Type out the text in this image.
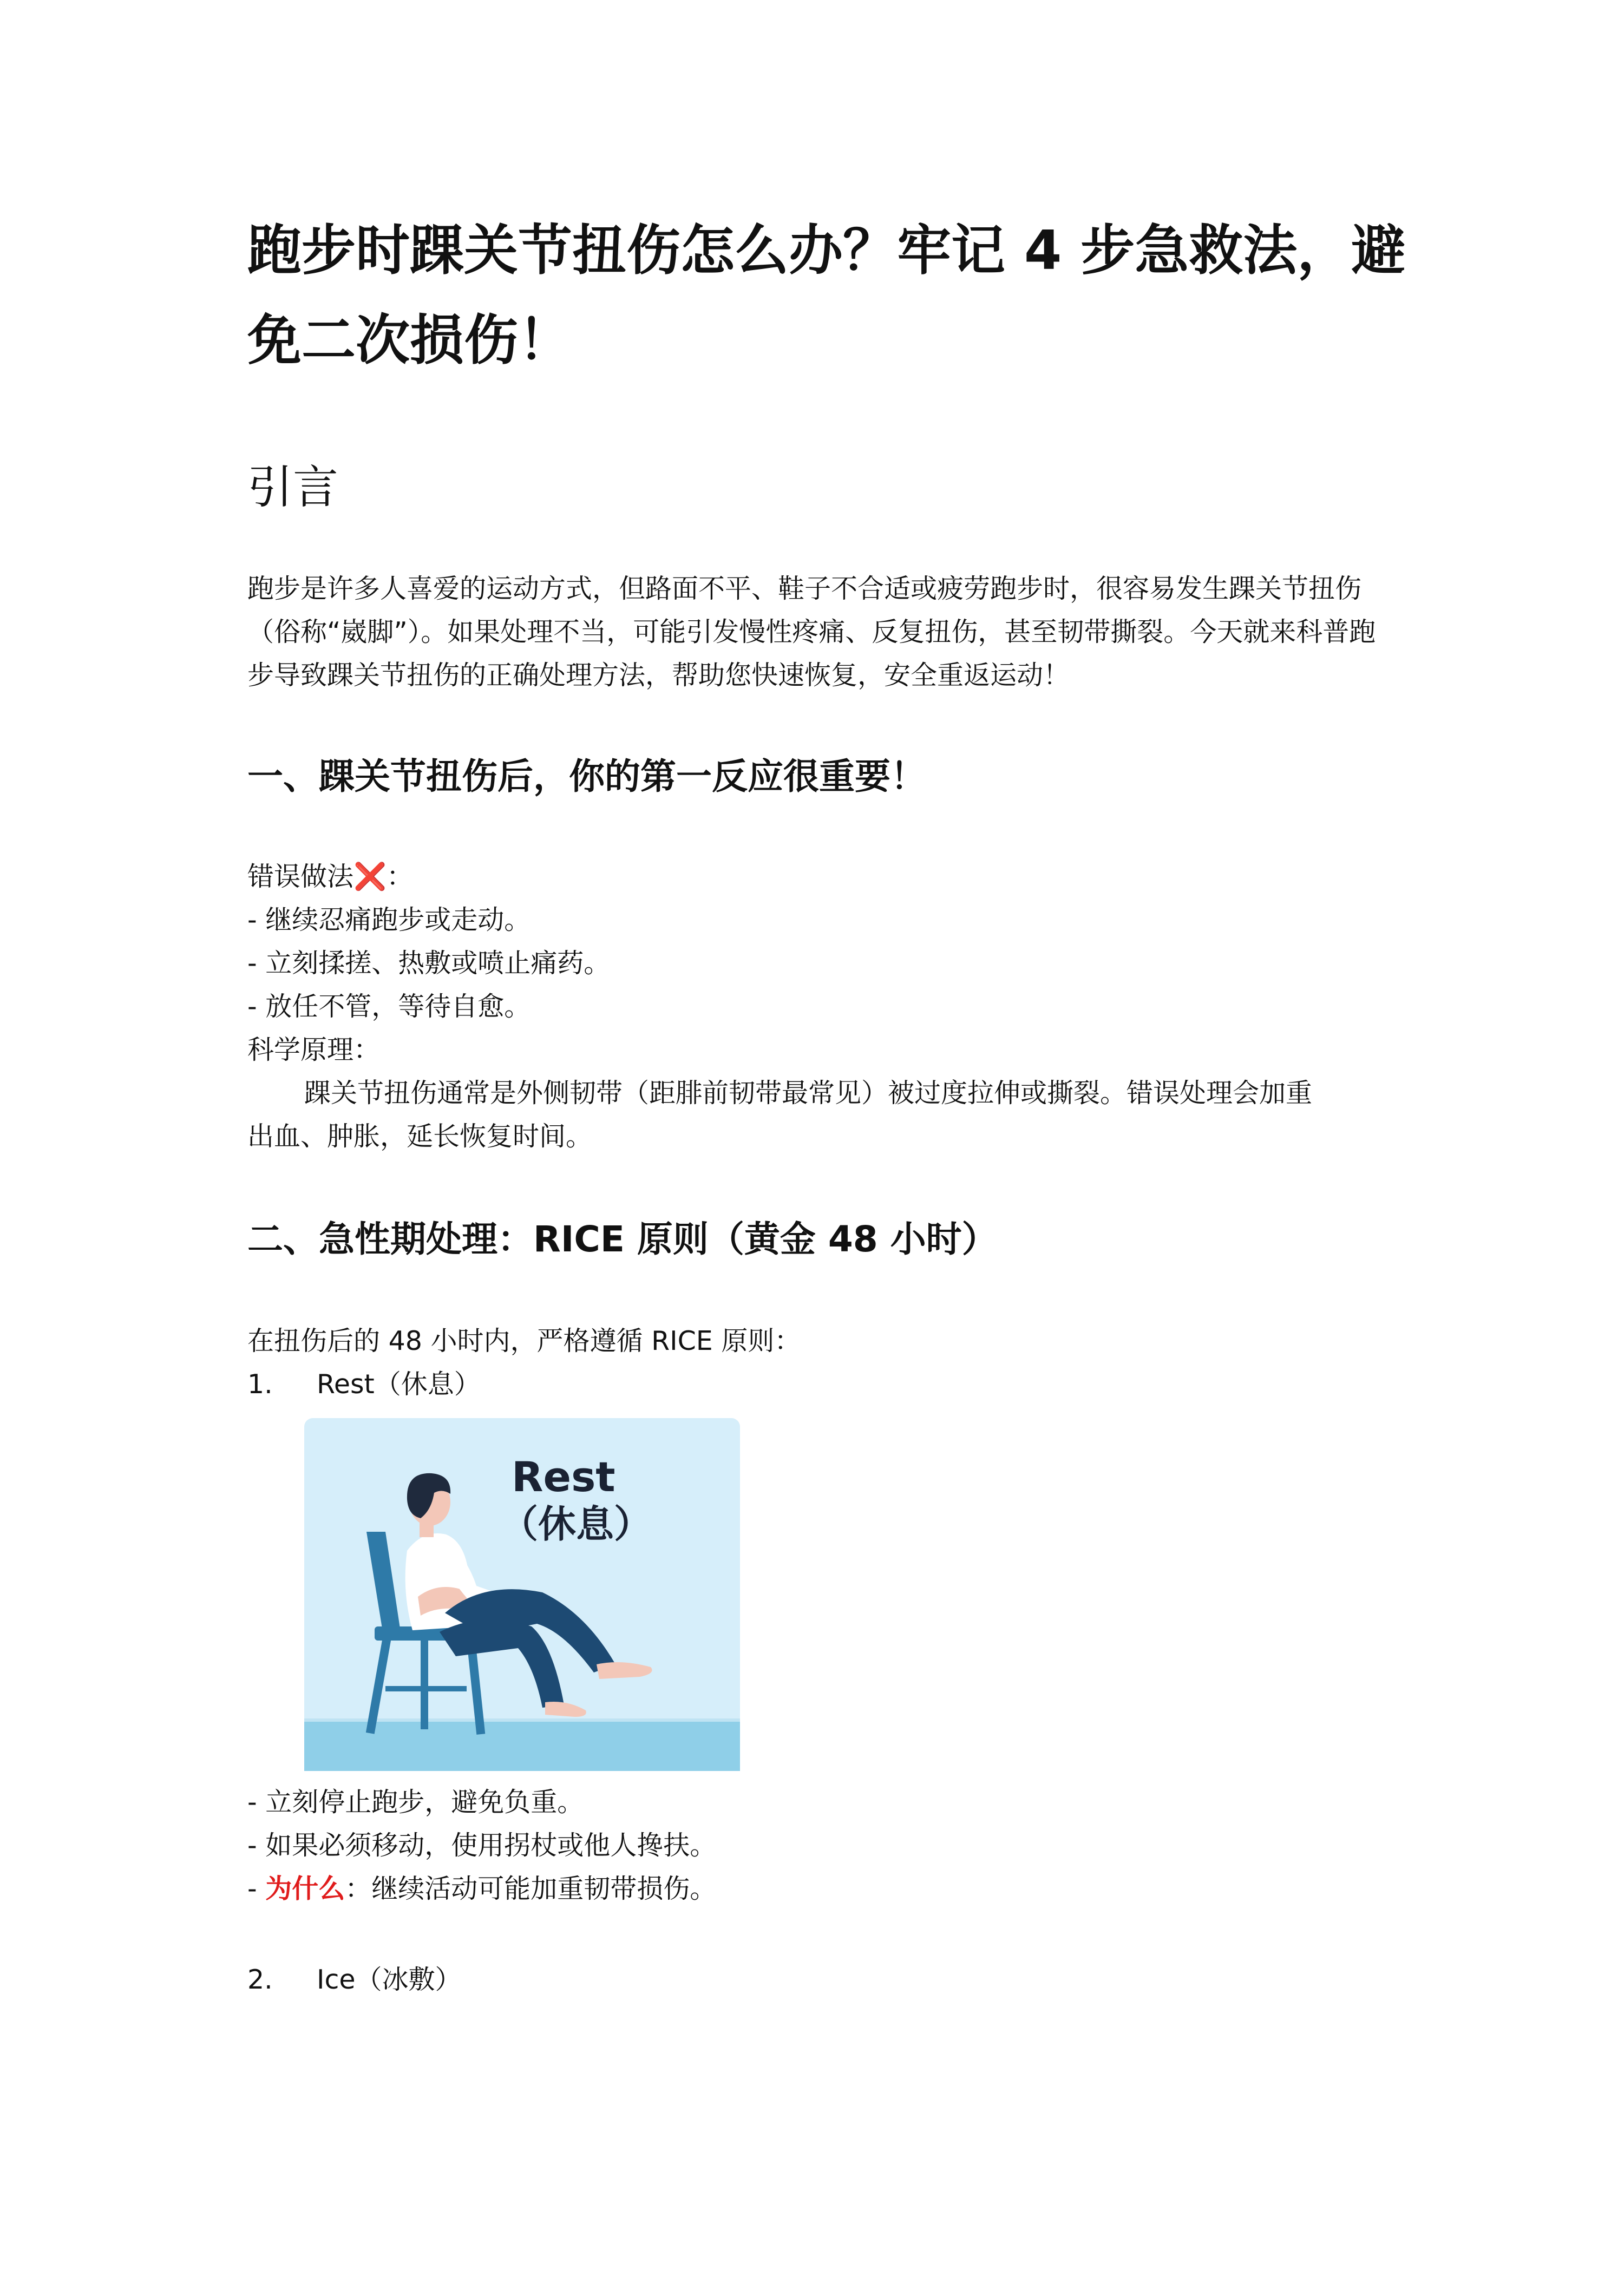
跑步时踝关节扭伤怎么办？牢记 4 步急救法，避免二次损伤！
引言

跑步是许多人喜爱的运动方式，但路面不平、鞋子不合适或疲劳跑步时，很容易发生踝关节扭伤（俗称“崴脚”）。如果处理不当，可能引发慢性疼痛、反复扭伤，甚至韧带撕裂。今天就来科普跑步导致踝关节扭伤的正确处理方法，帮助您快速恢复，安全重返运动！

一、踝关节扭伤后，你的第一反应很重要！
错误做法❌：
- 继续忍痛跑步或走动。
- 立刻揉搓、热敷或喷止痛药。
- 放任不管，等待自愈。
科学原理：
踝关节扭伤通常是外侧韧带（距腓前韧带最常见）被过度拉伸或撕裂。错误处理会加重
出血、肿胀，延长恢复时间。
二、急性期处理：RICE 原则（黄金 48 小时）
在扭伤后的 48 小时内，严格遵循 RICE 原则：
1. Rest（休息）
Rest
（休息）
- 立刻停止跑步，避免负重。
- 如果必须移动，使用拐杖或他人搀扶。
- 为什么：继续活动可能加重韧带损伤。
2. Ice（冰敷）
